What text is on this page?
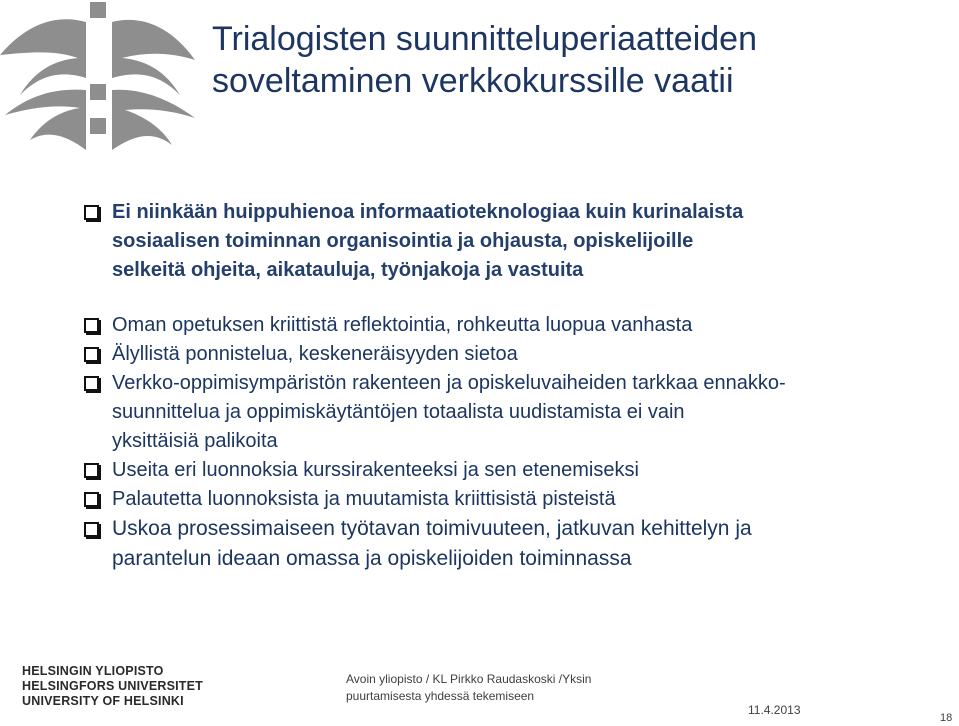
Trialogisten suunnitteluperiaatteiden
soveltaminen verkkokurssille vaatii
Ei niinkään huippuhienoa informaatioteknologiaa kuin kurinalaista
sosiaalisen toiminnan organisointia ja ohjausta, opiskelijoille
selkeitä ohjeita, aikatauluja, työnjakoja ja vastuita
Oman opetuksen kriittistä reflektointia, rohkeutta luopua vanhasta
Älyllistä ponnistelua, keskeneräisyyden sietoa
Verkko-oppimisympäristön rakenteen ja opiskeluvaiheiden tarkkaa ennakko-
suunnittelua ja oppimiskäytäntöjen totaalista uudistamista ei vain
yksittäisiä palikoita
Useita eri luonnoksia kurssirakenteeksi ja sen etenemiseksi
Palautetta luonnoksista ja muutamista kriittisistä pisteistä
Uskoa prosessimaiseen työtavan toimivuuteen, jatkuvan kehittelyn ja
parantelun ideaan omassa ja opiskelijoiden toiminnassa
HELSINGIN YLIOPISTO
HELSINGFORS UNIVERSITET
UNIVERSITY OF HELSINKI
Avoin yliopisto / KL Pirkko Raudaskoski /Yksin
puurtamisesta yhdessä tekemiseen
11.4.2013
18
